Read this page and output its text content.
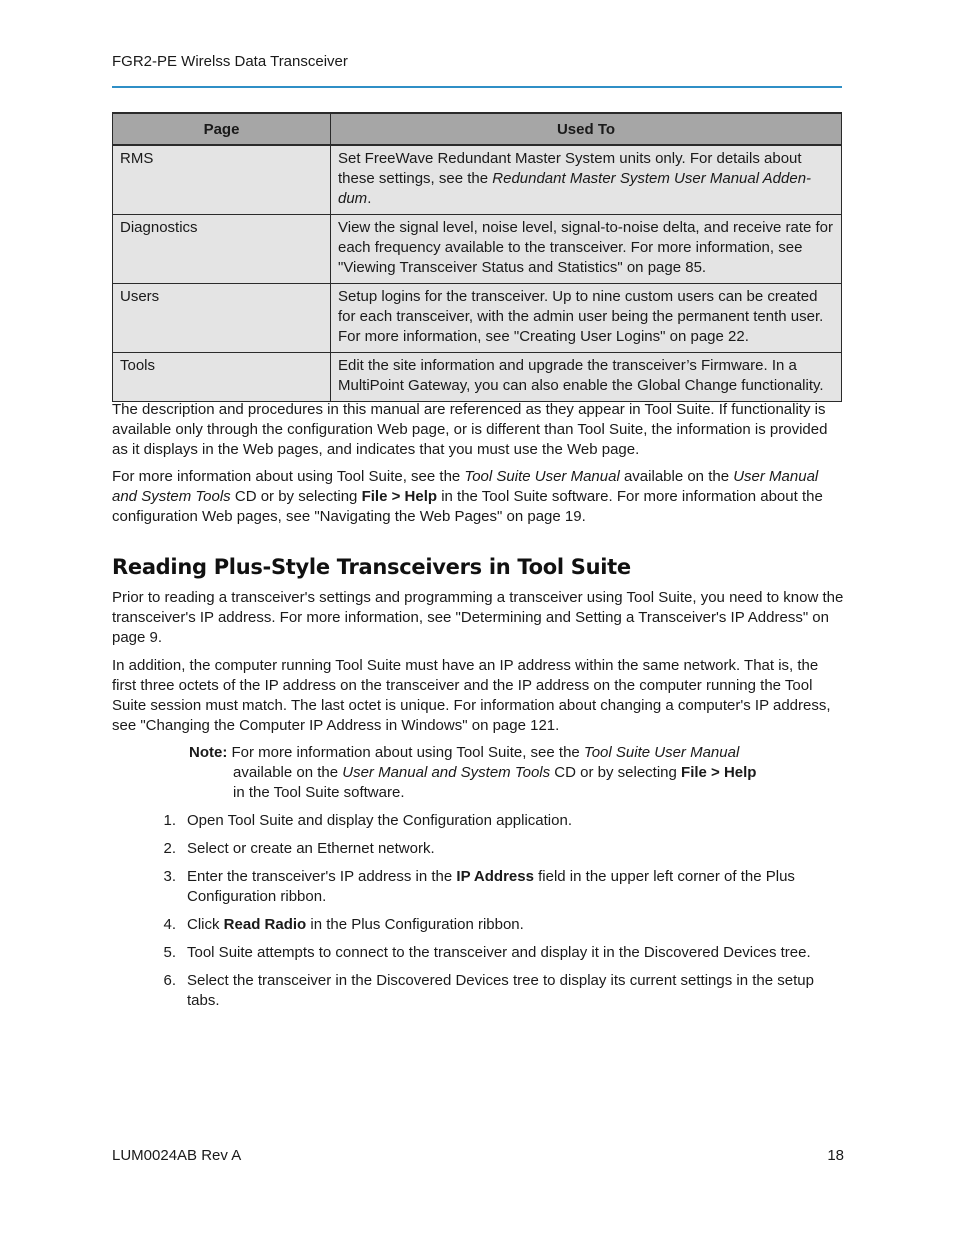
FGR2-PE Wirelss Data Transceiver
Page	Used To
RMS	Set FreeWave Redundant Master System units only. For details about these settings, see the Redundant Master System User Manual Adden-dum.
Diagnostics	View the signal level, noise level, signal-to-noise delta, and receive rate for each frequency available to the transceiver. For more information, see "Viewing Transceiver Status and Statistics" on page 85.
Users	Setup logins for the transceiver. Up to nine custom users can be created for each transceiver, with the admin user being the permanent tenth user. For more information, see "Creating User Logins" on page 22.
Tools	Edit the site information and upgrade the transceiver’s Firmware. In a MultiPoint Gateway, you can also enable the Global Change functionality.

The description and procedures in this manual are referenced as they appear in Tool Suite. If functionality is available only through the configuration Web page, or is different than Tool Suite, the information is provided as it displays in the Web pages, and indicates that you must use the Web page.

For more information about using Tool Suite, see the Tool Suite User Manual available on the User Manual and System Tools CD or by selecting File > Help in the Tool Suite software. For more information about the configuration Web pages, see "Navigating the Web Pages" on page 19.

Reading Plus-Style Transceivers in Tool Suite

Prior to reading a transceiver's settings and programming a transceiver using Tool Suite, you need to know the transceiver's IP address. For more information, see "Determining and Setting a Transceiver's IP Address" on page 9.

In addition, the computer running Tool Suite must have an IP address within the same network. That is, the first three octets of the IP address on the transceiver and the IP address on the computer running the Tool Suite session must match. The last octet is unique. For information about changing a computer's IP address, see "Changing the Computer IP Address in Windows" on page 121.

Note: For more information about using Tool Suite, see the Tool Suite User Manual
available on the User Manual and System Tools CD or by selecting File > Help
in the Tool Suite software.
1. Open Tool Suite and display the Configuration application.
2. Select or create an Ethernet network.
3. Enter the transceiver's IP address in the IP Address field in the upper left corner of the Plus Configuration ribbon.
4. Click Read Radio in the Plus Configuration ribbon.
5. Tool Suite attempts to connect to the transceiver and display it in the Discovered Devices tree.
6. Select the transceiver in the Discovered Devices tree to display its current settings in the setup tabs.
LUM0024AB Rev A	18
